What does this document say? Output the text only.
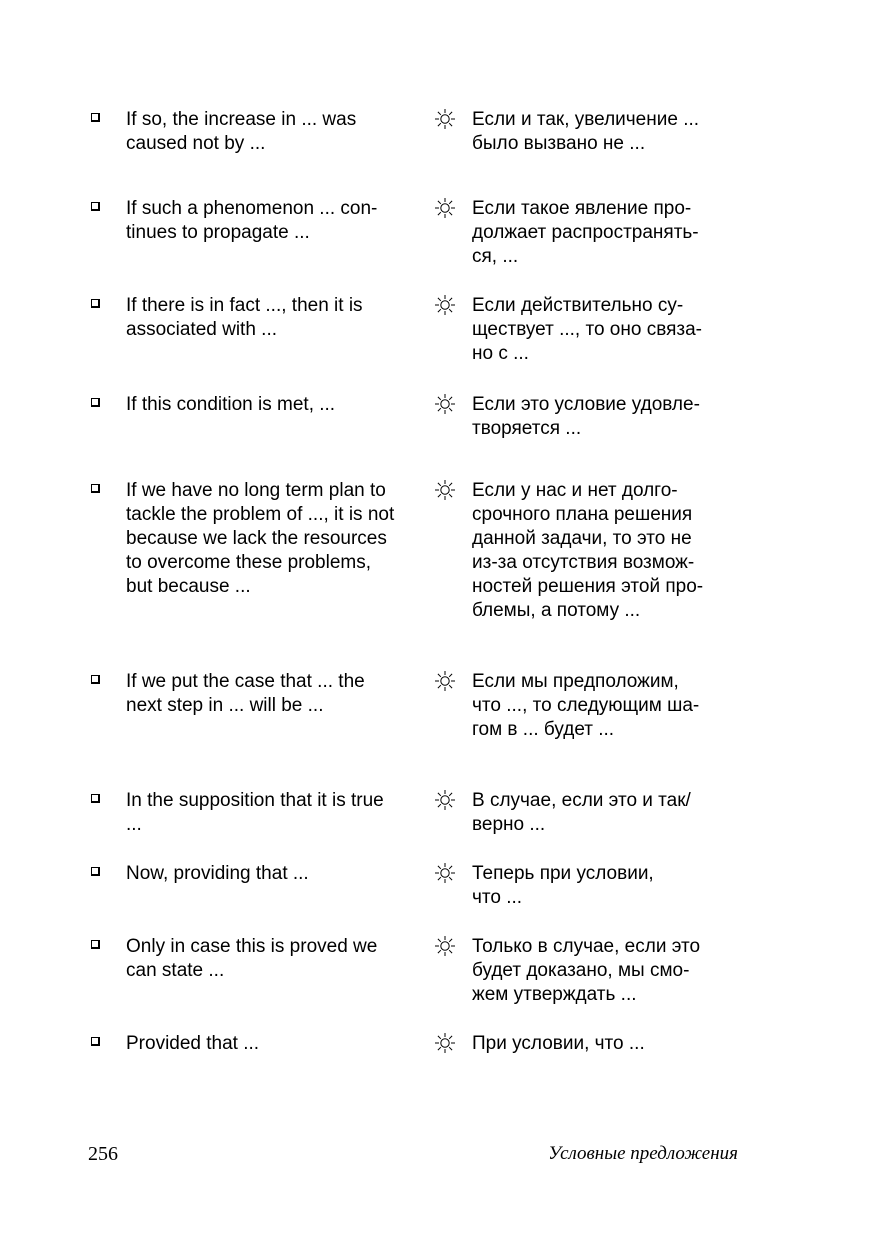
If so, the increase in ... was
caused not by ...
Если и так, увеличение ...
было вызвано не ...
If such a phenomenon ... con-
tinues to propagate ...
Если такое явление про-
должает распространять-
ся, ...
If there is in fact ..., then it is
associated with ...
Если действительно су-
ществует ..., то оно связа-
но с ...
If this condition is met, ...	Если это условие удовле-
творяется ...
If we have no long term plan to
tackle the problem of ..., it is not
because we lack the resources
to overcome these problems,
but because ...
Если у нас и нет долго-
срочного плана решения
данной задачи, то это не
из-за отсутствия возмож-
ностей решения этой про-
блемы, а потому ...
If we put the case that ... the
next step in ... will be ...
Если мы предположим,
что ..., то следующим ша-
гом в ... будет ...
In the supposition that it is true
...
В случае, если это и так/
верно ...
Now, providing that ...	Теперь при условии,
что ...
Only in case this is proved we
can state ...
Только в случае, если это
будет доказано, мы смо-
жем утверждать ...
Provided that ...	При условии, что ...
256	Условные предложения
